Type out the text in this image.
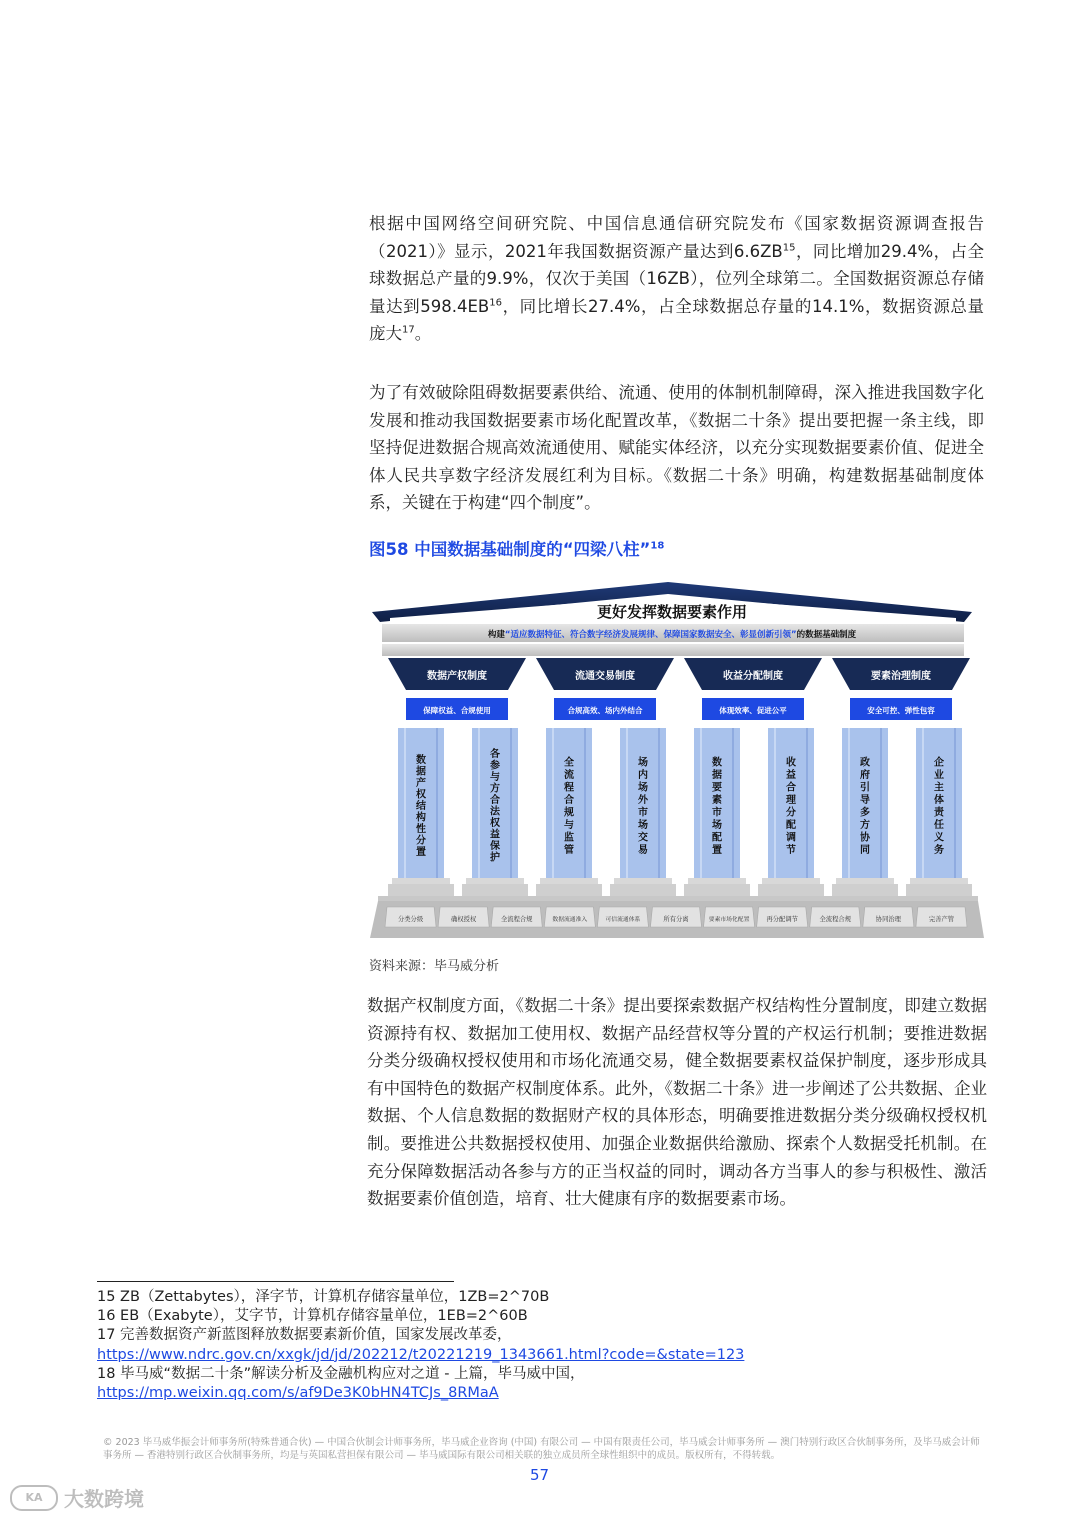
根据中国网络空间研究院、中国信息通信研究院发布《国家数据资源调查报告（2021）》显示，2021年我国数据资源产量达到6.6ZB$^{15}$，同比增加29.4%，占全球数据总产量的9.9%，仅次于美国（16ZB），位列全球第二。全国数据资源总存储量达到598.4EB$^{16}$，同比增长27.4%，占全球数据总存量的14.1%，数据资源总量庞大$^{17}$。

为了有效破除阻碍数据要素供给、流通、使用的体制机制障碍，深入推进我国数字化发展和推动我国数据要素市场化配置改革，《数据二十条》提出要把握一条主线，即坚持促进数据合规高效流通使用、赋能实体经济，以充分实现数据要素价值、促进全体人民共享数字经济发展红利为目标。《数据二十条》明确，构建数据基础制度体系，关键在于构建“四个制度”。

图58 中国数据基础制度的“四梁八柱”$^{18}$
更好发挥数据要素作用
构建“适应数据特征、符合数字经济发展规律、保障国家数据安全、彰显创新引领”的数据基础制度
数据产权制度
保障权益、合规使用
数
据
产
权
结
构
性
分
置
各
参
与
方
合
法
权
益
保
护
流通交易制度
合规高效、场内外结合
全
流
程
合
规
与
监
管
场
内
场
外
市
场
交
易
收益分配制度
体现效率、促进公平
数
据
要
素
市
场
配
置
收
益
合
理
分
配
调
节
要素治理制度
安全可控、弹性包容
政
府
引
导
多
方
协
同
企
业
主
体
责
任
义
务
分类分级	确权授权	全流程合规	数据流通准入	可信流通体系	所有分离	要素市场化配置	再分配调节	全流程合规	协同治理	完善产管
资料来源：毕马威分析

数据产权制度方面，《数据二十条》提出要探索数据产权结构性分置制度，即建立数据资源持有权、数据加工使用权、数据产品经营权等分置的产权运行机制；要推进数据分类分级确权授权使用和市场化流通交易，健全数据要素权益保护制度，逐步形成具有中国特色的数据产权制度体系。此外，《数据二十条》进一步阐述了公共数据、企业数据、个人信息数据的数据财产权的具体形态，明确要推进数据分类分级确权授权机制。要推进公共数据授权使用、加强企业数据供给激励、探索个人数据受托机制。在充分保障数据活动各参与方的正当权益的同时，调动各方当事人的参与积极性、激活数据要素价值创造，培育、壮大健康有序的数据要素市场。

15 ZB（Zettabytes），泽字节，计算机存储容量单位，1ZB=2^70B
16 EB（Exabyte），艾字节，计算机存储容量单位，1EB=2^60B
17 完善数据资产新蓝图释放数据要素新价值，国家发展改革委，
https://www.ndrc.gov.cn/xxgk/jd/jd/202212/t20221219_1343661.html?code=&state=123
18 毕马威“数据二十条”解读分析及金融机构应对之道 - 上篇，毕马威中国，
https://mp.weixin.qq.com/s/af9De3K0bHN4TCJs_8RMaA
© 2023 毕马威华振会计师事务所(特殊普通合伙) — 中国合伙制会计师事务所，毕马威企业咨询 (中国) 有限公司 — 中国有限责任公司，毕马威会计师事务所 — 澳门特别行政区合伙制事务所，及毕马威会计师事务所 — 香港特别行政区合伙制事务所，均是与英国私营担保有限公司 — 毕马威国际有限公司相关联的独立成员所全球性组织中的成员。版权所有，不得转载。
57
KA	大数跨境
